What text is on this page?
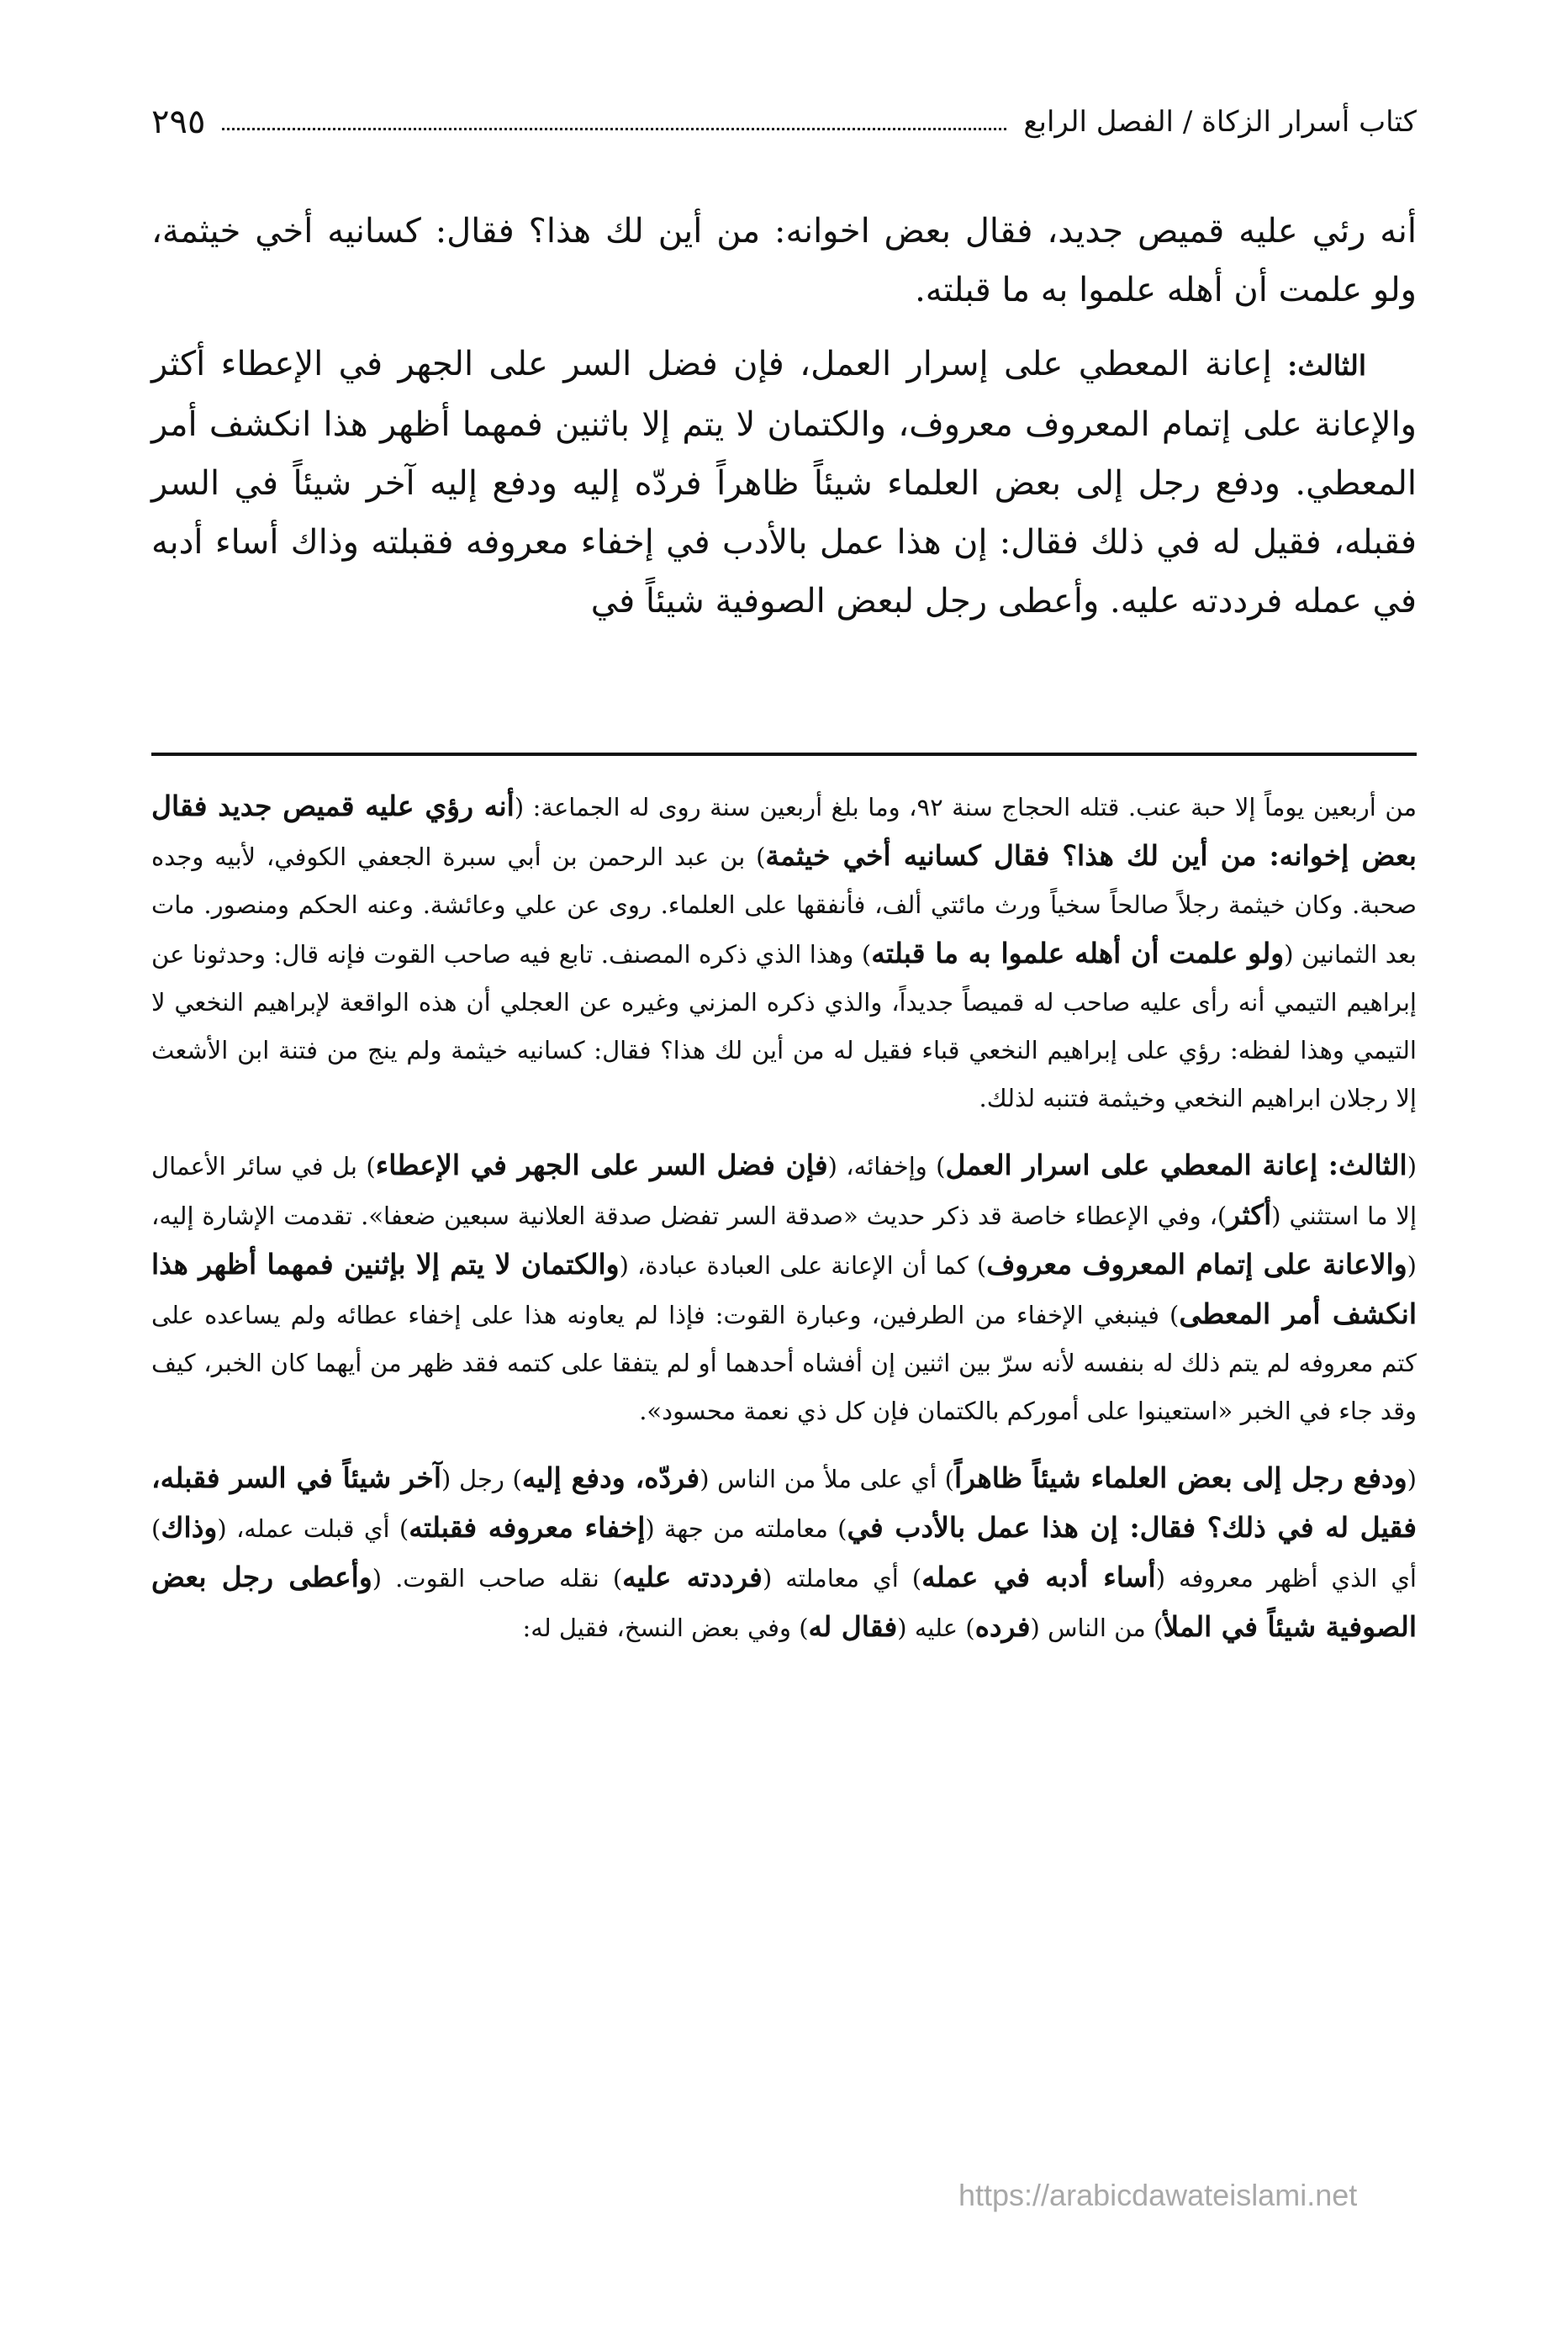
كتاب أسرار الزكاة / الفصل الرابع
٢٩٥

أنه رئي عليه قميص جديد، فقال بعض اخوانه: من أين لك هذا؟ فقال: كسانيه أخي خيثمة، ولو علمت أن أهله علموا به ما قبلته.

الثالث: إعانة المعطي على إسرار العمل، فإن فضل السر على الجهر في الإعطاء أكثر والإعانة على إتمام المعروف معروف، والكتمان لا يتم إلا باثنين فمهما أظهر هذا انكشف أمر المعطي. ودفع رجل إلى بعض العلماء شيئاً ظاهراً فردّه إليه ودفع إليه آخر شيئاً في السر فقبله، فقيل له في ذلك فقال: إن هذا عمل بالأدب في إخفاء معروفه فقبلته وذاك أساء أدبه في عمله فرددته عليه. وأعطى رجل لبعض الصوفية شيئاً في

من أربعين يوماً إلا حبة عنب. قتله الحجاج سنة ٩٢، وما بلغ أربعين سنة روى له الجماعة: (أنه رؤي عليه قميص جديد فقال بعض إخوانه: من أين لك هذا؟ فقال كسانيه أخي خيثمة) بن عبد الرحمن بن أبي سبرة الجعفي الكوفي، لأبيه وجده صحبة. وكان خيثمة رجلاً صالحاً سخياً ورث مائتي ألف، فأنفقها على العلماء. روى عن علي وعائشة. وعنه الحكم ومنصور. مات بعد الثمانين (ولو علمت أن أهله علموا به ما قبلته) وهذا الذي ذكره المصنف. تابع فيه صاحب القوت فإنه قال: وحدثونا عن إبراهيم التيمي أنه رأى عليه صاحب له قميصاً جديداً، والذي ذكره المزني وغيره عن العجلي أن هذه الواقعة لإبراهيم النخعي لا التيمي وهذا لفظه: رؤي على إبراهيم النخعي قباء فقيل له من أين لك هذا؟ فقال: كسانيه خيثمة ولم ينج من فتنة ابن الأشعث إلا رجلان ابراهيم النخعي وخيثمة فتنبه لذلك.

(الثالث: إعانة المعطي على اسرار العمل) وإخفائه، (فإن فضل السر على الجهر في الإعطاء) بل في سائر الأعمال إلا ما استثني (أكثر)، وفي الإعطاء خاصة قد ذكر حديث «صدقة السر تفضل صدقة العلانية سبعين ضعفا». تقدمت الإشارة إليه، (والاعانة على إتمام المعروف معروف) كما أن الإعانة على العبادة عبادة، (والكتمان لا يتم إلا بإثنين فمهما أظهر هذا انكشف أمر المعطى) فينبغي الإخفاء من الطرفين، وعبارة القوت: فإذا لم يعاونه هذا على إخفاء عطائه ولم يساعده على كتم معروفه لم يتم ذلك له بنفسه لأنه سرّ بين اثنين إن أفشاه أحدهما أو لم يتفقا على كتمه فقد ظهر من أيهما كان الخبر، كيف وقد جاء في الخبر «استعينوا على أموركم بالكتمان فإن كل ذي نعمة محسود».

(ودفع رجل إلى بعض العلماء شيئاً ظاهراً) أي على ملأ من الناس (فردّه، ودفع إليه) رجل (آخر شيئاً في السر فقبله، فقيل له في ذلك؟ فقال: إن هذا عمل بالأدب في) معاملته من جهة (إخفاء معروفه فقبلته) أي قبلت عمله، (وذاك) أي الذي أظهر معروفه (أساء أدبه في عمله) أي معاملته (فرددته عليه) نقله صاحب القوت. (وأعطى رجل بعض الصوفية شيئاً في الملأ) من الناس (فرده) عليه (فقال له) وفي بعض النسخ، فقيل له:

https://arabicdawateislami.net
